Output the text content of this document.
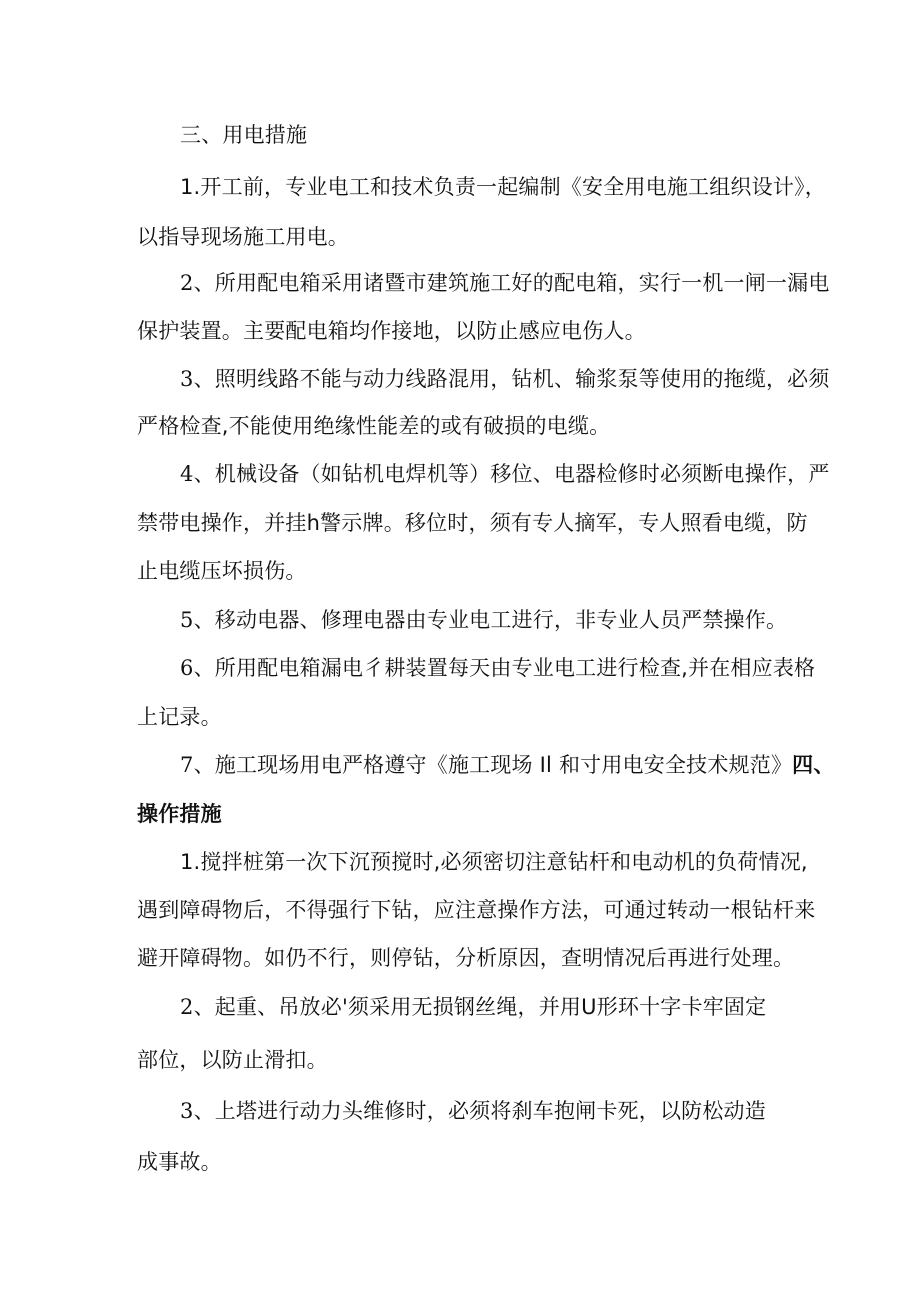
三、用电措施
1.开工前，专业电工和技术负责一起编制《安全用电施工组织设计》，
以指导现场施工用电。
2、所用配电箱采用诸暨市建筑施工好的配电箱，实行一机一闸一漏电
保护装置。主要配电箱均作接地，以防止感应电伤人。
3、照明线路不能与动力线路混用，钻机、输浆泵等使用的拖缆，必须
严格检查,不能使用绝缘性能差的或有破损的电缆。
4、机械设备（如钻机电焊机等）移位、电器检修时必须断电操作，严
禁带电操作，并挂h警示牌。移位时，须有专人摘军，专人照看电缆，防
止电缆压坏损伤。
5、移动电器、修理电器由专业电工进行，非专业人员严禁操作。
6、所用配电箱漏电彳耕装置每天由专业电工进行检查,并在相应表格
上记录。
7、施工现场用电严格遵守《施工现场 Il 和寸用电安全技术规范》四、
操作措施
1.搅拌桩第一次下沉预搅时,必须密切注意钻杆和电动机的负荷情况,
遇到障碍物后，不得强行下钻，应注意操作方法，可通过转动一根钻杆来
避开障碍物。如仍不行，则停钻，分析原因，查明情况后再进行处理。
2、起重、吊放必'须采用无损钢丝绳，并用U形环十字卡牢固定
部位，以防止滑扣。
3、上塔进行动力头维修时，必须将刹车抱闸卡死，以防松动造
成事故。
